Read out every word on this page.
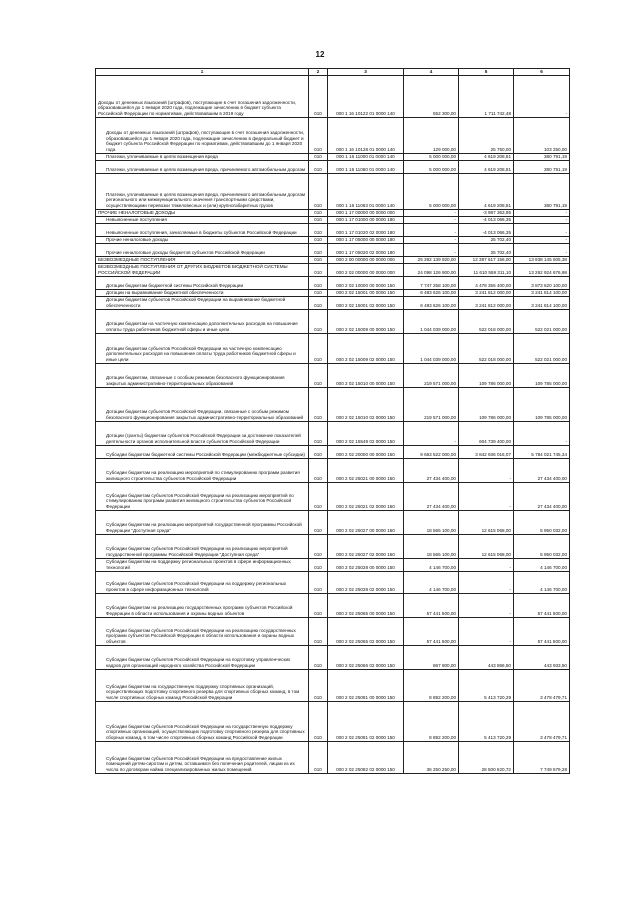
12
1	2	3	4	5	6
Доходы от денежных взысканий (штрафов), поступающие в счет погашения задолженности, образовавшейся до 1 января 2020 года, подлежащие зачислению в бюджет субъекта Российской Федерации по нормативам, действовавшим в 2019 году	010	000 1 16 10122 01 0000 140	552 300,00	1 711 742,48	-
Доходы от денежных взысканий (штрафов), поступающие в счет погашения задолженности, образовавшейся до 1 января 2020 года, подлежащие зачислению в федеральный бюджет и бюджет субъекта Российской Федерации по нормативам, действовавшим до 1 января 2020 года	010	000 1 16 10128 01 0000 140	129 000,00	25 750,00	103 250,00
Платежи, уплачиваемые в целях возмещения вреда	010	000 1 16 11000 01 0000 140	5 000 000,00	4 619 208,81	380 791,19
Платежи, уплачиваемые в целях возмещения вреда, причиняемого автомобильным дорогам	010	000 1 16 11060 01 0000 140	5 000 000,00	4 619 208,81	380 791,19
Платежи, уплачиваемые в целях возмещения вреда, причиняемого автомобильным дорогам регионального или межмуниципального значения транспортными средствами, осуществляющими перевозки тяжеловесных и (или) крупногабаритных грузов	010	000 1 16 11063 01 0000 140	5 000 000,00	4 619 208,81	380 791,19
ПРОЧИЕ НЕНАЛОГОВЫЕ ДОХОДЫ	010	000 1 17 00000 00 0000 000	-	-3 987 363,95	-
Невыясненные поступления	010	000 1 17 01000 00 0000 180	-	-4 013 066,35	-
Невыясненные поступления, зачисляемые в бюджеты субъектов Российской Федерации	010	000 1 17 01020 02 0000 180	-	-4 013 066,35	-
Прочие неналоговые доходы	010	000 1 17 05000 00 0000 180	-	25 702,40	-
Прочие неналоговые доходы бюджетов субъектов Российской Федерации	010	000 1 17 05020 02 0000 180	-	25 702,40	-
БЕЗВОЗМЕЗДНЫЕ ПОСТУПЛЕНИЯ	010	000 2 00 00000 00 0000 000	25 392 139 920,00	12 387 617 156,00	13 938 145 505,38
БЕЗВОЗМЕЗДНЫЕ ПОСТУПЛЕНИЯ ОТ ДРУГИХ БЮДЖЕТОВ БЮДЖЕТНОЙ СИСТЕМЫ РОССИЙСКОЙ ФЕДЕРАЦИИ	010	000 2 02 00000 00 0000 000	24 098 126 900,00	11 610 559 311,10	13 262 924 676,98
Дотации бюджетам бюджетной системы Российской Федерации	010	000 2 02 10000 00 0000 150	7 747 258 100,00	4 478 355 400,00	3 873 620 100,00
Дотации на выравнивание бюджетной обеспеченности	010	000 2 02 15001 00 0000 150	6 483 626 100,00	3 241 812 000,00	3 241 814 100,00
Дотации бюджетам субъектов Российской Федерации на выравнивание бюджетной обеспеченности	010	000 2 02 15001 02 0000 150	6 483 626 100,00	3 241 812 000,00	3 241 814 100,00
Дотации бюджетам на частичную компенсацию дополнительных расходов на повышение оплаты труда работников бюджетной сферы и иные цели	010	000 2 02 15009 00 0000 150	1 044 039 000,00	522 018 000,00	522 021 000,00
Дотации бюджетам субъектов Российской Федерации на частичную компенсацию дополнительных расходов на повышение оплаты труда работников бюджетной сферы и иные цели	010	000 2 02 15009 02 0000 150	1 044 039 000,00	522 018 000,00	522 021 000,00
Дотации бюджетам, связанные с особым режимом безопасного функционирования закрытых административно-территориальных образований	010	000 2 02 15010 00 0000 150	219 571 000,00	109 786 000,00	109 785 000,00
Дотации бюджетам субъектов Российской Федерации, связанные с особым режимом безопасного функционирования закрытых административно-территориальных образований	010	000 2 02 15010 02 0000 150	219 571 000,00	109 786 000,00	109 785 000,00
Дотации (гранты) бюджетам субъектов Российской Федерации за достижение показателей деятельности органов исполнительной власти субъектов Российской Федерации	010	000 2 02 15549 02 0000 150	-	604 739 400,00	-
Субсидии бюджетам бюджетной системы Российской Федерации (межбюджетные субсидии)	010	000 2 02 20000 00 0000 150	9 663 522 000,00	3 842 936 016,07	5 784 021 745,34
Субсидии бюджетам на реализацию мероприятий по стимулированию программ развития жилищного строительства субъектов Российской Федерации	010	000 2 02 25021 00 0000 150	27 434 400,00	-	27 434 400,00
Субсидии бюджетам субъектов Российской Федерации на реализацию мероприятий по стимулированию программ развития жилищного строительства субъектов Российской Федерации	010	000 2 02 25021 02 0000 150	27 434 400,00	-	27 434 400,00
Субсидии бюджетам на реализацию мероприятий государственной программы Российской Федерации "Доступная среда"	010	000 2 02 25027 00 0000 150	18 565 100,00	12 615 068,00	5 950 032,00
Субсидии бюджетам субъектов Российской Федерации на реализацию мероприятий государственной программы Российской Федерации "Доступная среда"	010	000 2 02 25027 02 0000 150	18 565 100,00	12 615 068,00	5 950 032,00
Субсидии бюджетам на поддержку региональных проектов в сфере информационных технологий	010	000 2 02 25028 00 0000 150	4 146 700,00	-	4 146 700,00
Субсидии бюджетам субъектов Российской Федерации на поддержку региональных проектов в сфере информационных технологий	010	000 2 02 25028 02 0000 150	4 146 700,00	-	4 146 700,00
Субсидии бюджетам на реализацию государственных программ субъектов Российской Федерации в области использования и охраны водных объектов	010	000 2 02 25065 00 0000 150	57 441 500,00	-	57 441 500,00
Субсидии бюджетам субъектов Российской Федерации на реализацию государственных программ субъектов Российской Федерации в области использования и охраны водных объектов	010	000 2 02 25065 02 0000 150	57 441 500,00	-	57 441 500,00
Субсидии бюджетам субъектов Российской Федерации на подготовку управленческих кадров для организаций народного хозяйства Российской Федерации	010	000 2 02 25066 02 0000 150	867 800,00	443 866,50	443 933,50
Субсидии бюджетам на государственную поддержку спортивных организаций, осуществляющих подготовку спортивного резерва для спортивных сборных команд, в том числе спортивных сборных команд Российской Федерации	010	000 2 02 25081 00 0000 150	8 892 200,00	5 413 720,29	3 478 479,71
Субсидии бюджетам субъектов Российской Федерации на государственную поддержку спортивных организаций, осуществляющих подготовку спортивного резерва для спортивных сборных команд, в том числе спортивных сборных команд Российской Федерации	010	000 2 02 25081 02 0000 150	8 892 200,00	5 413 720,29	3 478 479,71
Субсидии бюджетам субъектов Российской Федерации на предоставление жилых помещений детям-сиротам и детям, оставшимся без попечения родителей, лицам из их числа по договорам найма специализированных жилых помещений	010	000 2 02 25082 02 0000 150	36 250 250,00	28 500 620,72	7 749 579,28
